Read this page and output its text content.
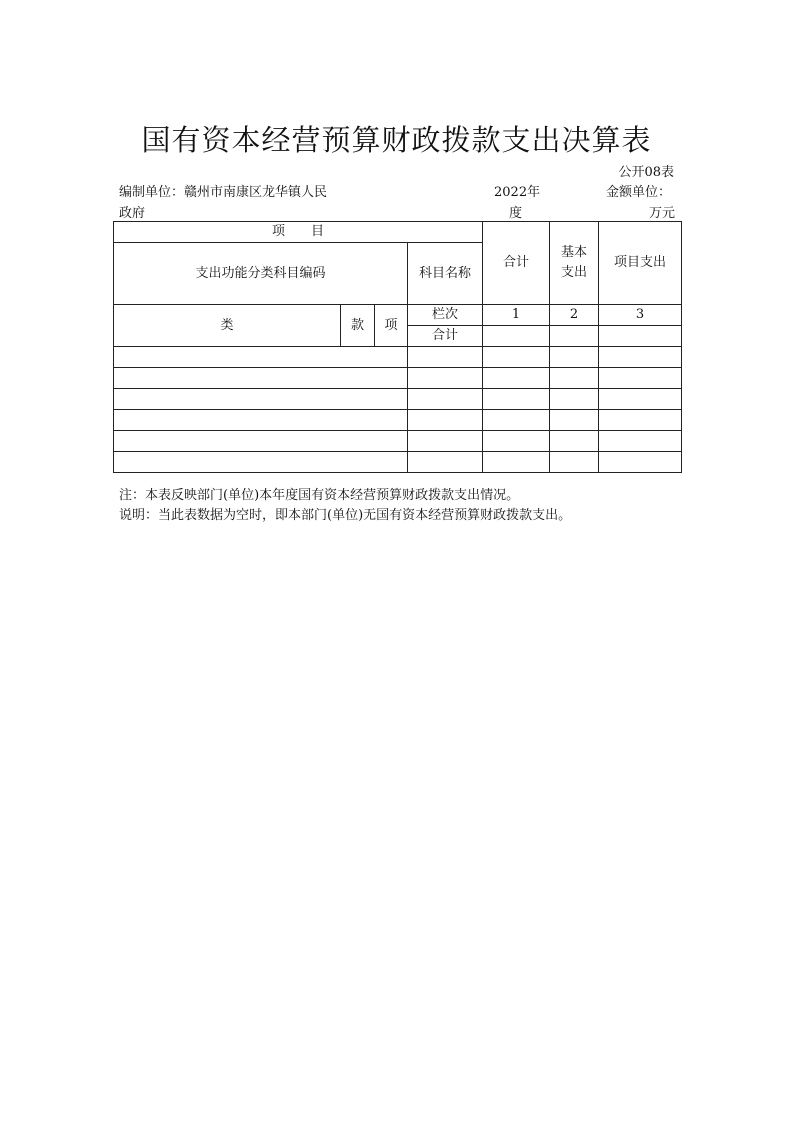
国有资本经营预算财政拨款支出决算表
公开08表
编制单位：赣州市南康区龙华镇人民
政府
2022年
度
金额单位：
万元
项　　目				合计	基本支出	项目支出
支出功能分类科目编码			科目名称			
类	款	项	栏次	1	2	3
			合计			

注：本表反映部门(单位)本年度国有资本经营预算财政拨款支出情况。
说明：当此表数据为空时，即本部门(单位)无国有资本经营预算财政拨款支出。
